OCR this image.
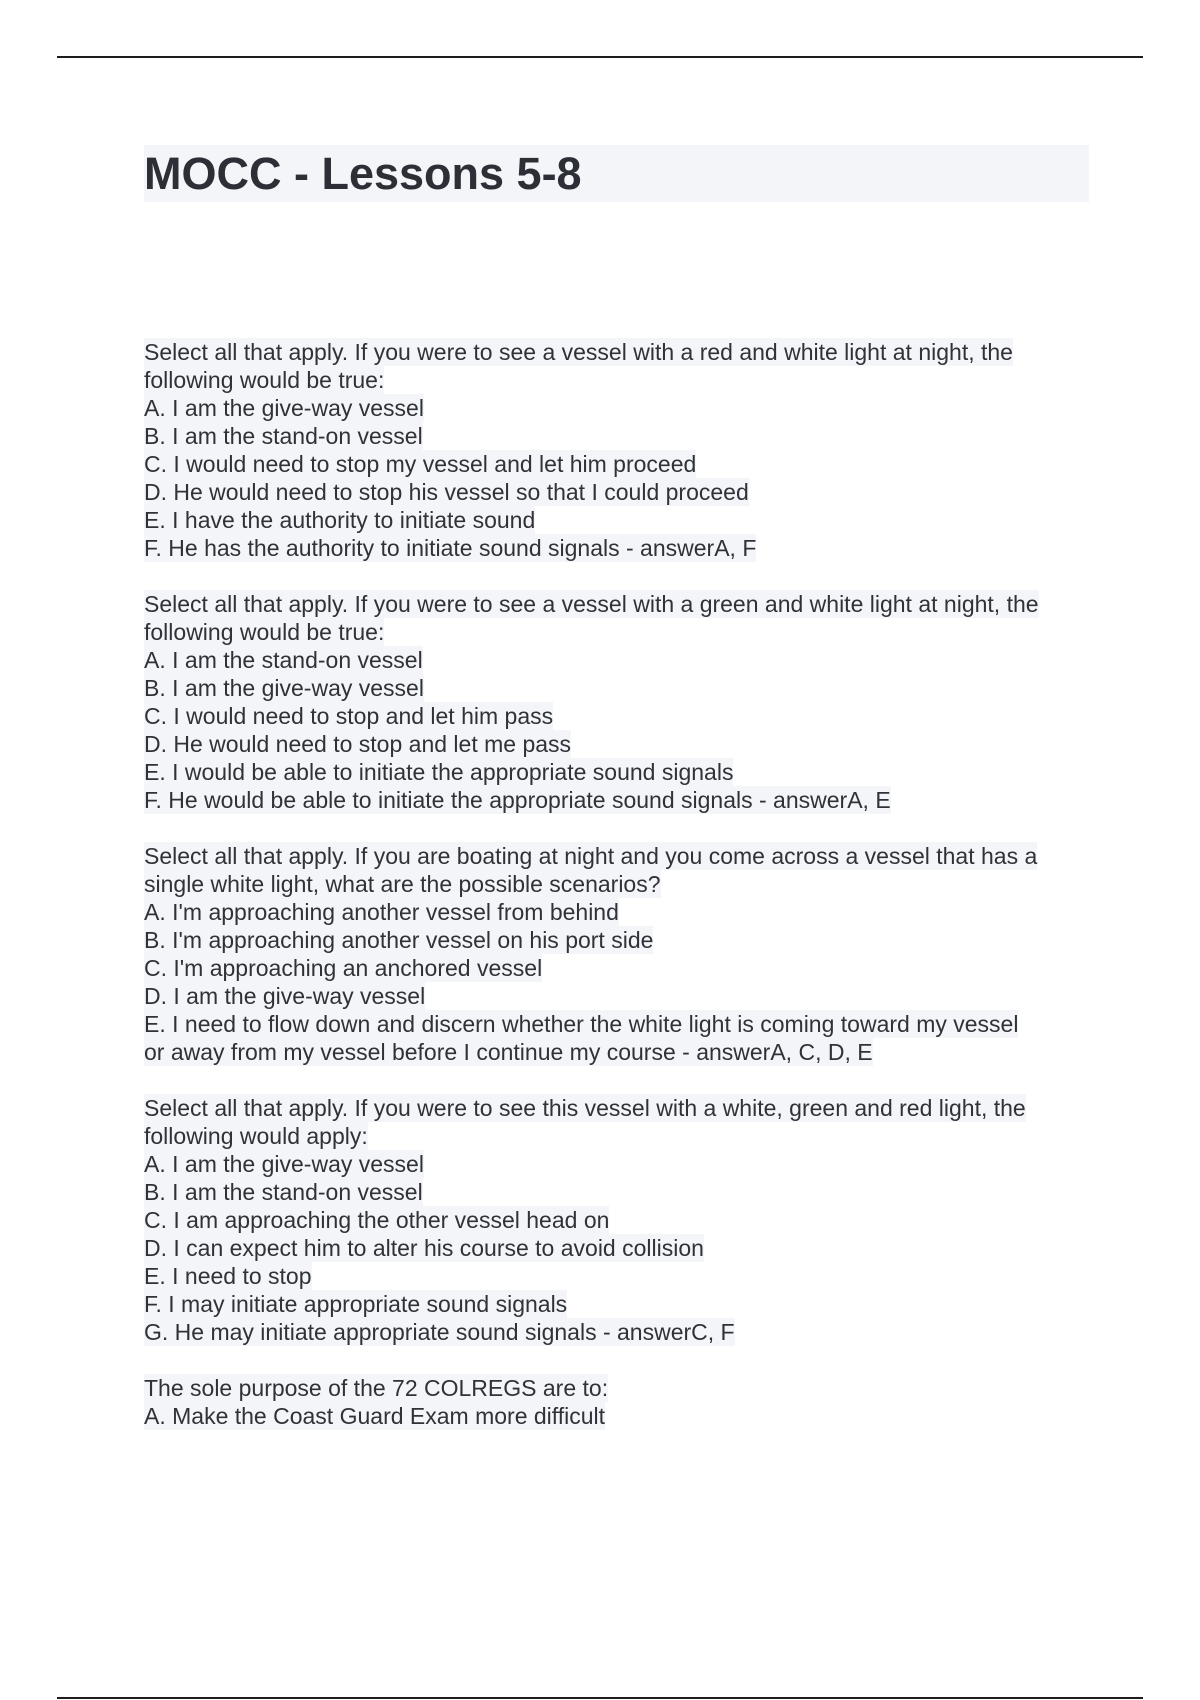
MOCC - Lessons 5-8
Select all that apply. If you were to see a vessel with a red and white light at night, the
following would be true:
A. I am the give-way vessel
B. I am the stand-on vessel
C. I would need to stop my vessel and let him proceed
D. He would need to stop his vessel so that I could proceed
E. I have the authority to initiate sound
F. He has the authority to initiate sound signals - answerA, F
Select all that apply. If you were to see a vessel with a green and white light at night, the
following would be true:
A. I am the stand-on vessel
B. I am the give-way vessel
C. I would need to stop and let him pass
D. He would need to stop and let me pass
E. I would be able to initiate the appropriate sound signals
F. He would be able to initiate the appropriate sound signals - answerA, E
Select all that apply. If you are boating at night and you come across a vessel that has a
single white light, what are the possible scenarios?
A. I'm approaching another vessel from behind
B. I'm approaching another vessel on his port side
C. I'm approaching an anchored vessel
D. I am the give-way vessel
E. I need to flow down and discern whether the white light is coming toward my vessel
or away from my vessel before I continue my course - answerA, C, D, E
Select all that apply. If you were to see this vessel with a white, green and red light, the
following would apply:
A. I am the give-way vessel
B. I am the stand-on vessel
C. I am approaching the other vessel head on
D. I can expect him to alter his course to avoid collision
E. I need to stop
F. I may initiate appropriate sound signals
G. He may initiate appropriate sound signals - answerC, F
The sole purpose of the 72 COLREGS are to:
A. Make the Coast Guard Exam more difficult
